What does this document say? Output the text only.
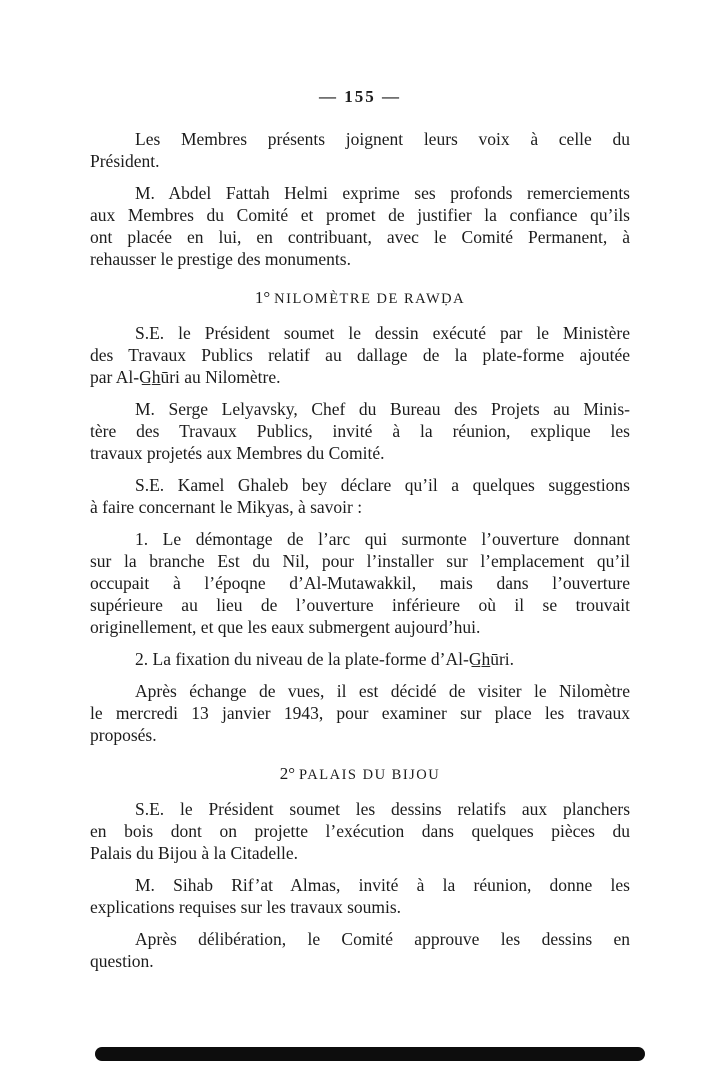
— 155 —
Les Membres présents joignent leurs voix à celle du
Président.
M. Abdel Fattah Helmi exprime ses profonds remerciements
aux Membres du Comité et promet de justifier la confiance qu’ils
ont placée en lui, en contribuant, avec le Comité Permanent, à
rehausser le prestige des monuments.
1° NILOMÈTRE DE RAWḌA
S.E. le Président soumet le dessin exécuté par le Ministère
des Travaux Publics relatif au dallage de la plate-forme ajoutée
par Al-G̲h̲ūri au Nilomètre.
M. Serge Lelyavsky, Chef du Bureau des Projets au Minis-
tère des Travaux Publics, invité à la réunion, explique les
travaux projetés aux Membres du Comité.
S.E. Kamel Ghaleb bey déclare qu’il a quelques suggestions
à faire concernant le Mikyas, à savoir :
1. Le démontage de l’arc qui surmonte l’ouverture donnant
sur la branche Est du Nil, pour l’installer sur l’emplacement qu’il
occupait à l’époqne d’Al-Mutawakkil, mais dans l’ouverture
supérieure au lieu de l’ouverture inférieure où il se trouvait
originellement, et que les eaux submergent aujourd’hui.
2. La fixation du niveau de la plate-forme d’Al-G̲h̲ūri.
Après échange de vues, il est décidé de visiter le Nilomètre
le mercredi 13 janvier 1943, pour examiner sur place les travaux
proposés.
2° PALAIS DU BIJOU
S.E. le Président soumet les dessins relatifs aux planchers
en bois dont on projette l’exécution dans quelques pièces du
Palais du Bijou à la Citadelle.
M. Sihab Rif’at Almas, invité à la réunion, donne les
explications requises sur les travaux soumis.
Après délibération, le Comité approuve les dessins en
question.
